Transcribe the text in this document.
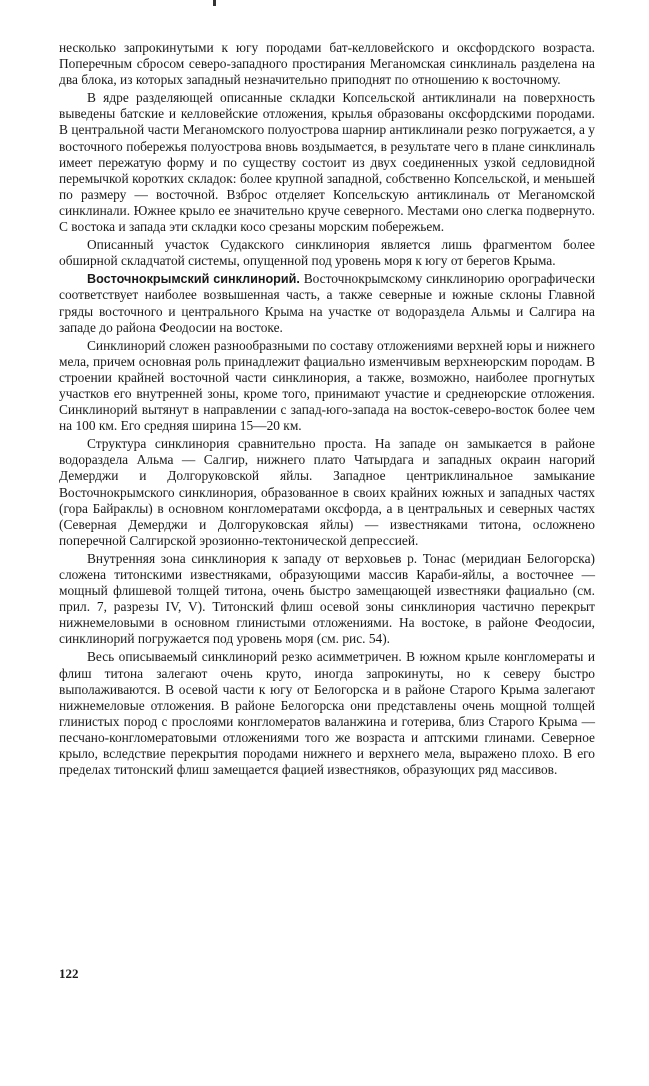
несколько запрокинутыми к югу породами бат-келловейского и оксфордского возраста. Поперечным сбросом северо-западного простирания Меганомская синклиналь разделена на два блока, из которых западный незначительно приподнят по отношению к восточному.

В ядре разделяющей описанные складки Копсельской антиклинали на поверхность выведены батские и келловейские отложения, крылья образованы оксфордскими породами. В центральной части Меганомского полуострова шарнир антиклинали резко погружается, а у восточного побережья полуострова вновь воздымается, в результате чего в плане синклиналь имеет пережатую форму и по существу состоит из двух соединенных узкой седловидной перемычкой коротких складок: более крупной западной, собственно Копсельской, и меньшей по размеру — восточной. Взброс отделяет Копсельскую антиклиналь от Меганомской синклинали. Южнее крыло ее значительно круче северного. Местами оно слегка подвернуто. С востока и запада эти складки косо срезаны морским побережьем.

Описанный участок Судакского синклинория является лишь фрагментом более обширной складчатой системы, опущенной под уровень моря к югу от берегов Крыма.

Восточнокрымский синклинорий. Восточнокрымскому синклинорию орографически соответствует наиболее возвышенная часть, а также северные и южные склоны Главной гряды восточного и центрального Крыма на участке от водораздела Альмы и Салгира на западе до района Феодосии на востоке.

Синклинорий сложен разнообразными по составу отложениями верхней юры и нижнего мела, причем основная роль принадлежит фациально изменчивым верхнеюрским породам. В строении крайней восточной части синклинория, а также, возможно, наиболее прогнутых участков его внутренней зоны, кроме того, принимают участие и среднеюрские отложения. Синклинорий вытянут в направлении с запад-юго-запада на восток-северо-восток более чем на 100 км. Его средняя ширина 15—20 км.

Структура синклинория сравнительно проста. На западе он замыкается в районе водораздела Альма — Салгир, нижнего плато Чатырдага и западных окраин нагорий Демерджи и Долгоруковской яйлы. Западное центриклинальное замыкание Восточнокрымского синклинория, образованное в своих крайних южных и западных частях (гора Байраклы) в основном конгломератами оксфорда, а в центральных и северных частях (Северная Демерджи и Долгоруковская яйлы) — известняками титона, осложнено поперечной Салгирской эрозионно-тектонической депрессией.

Внутренняя зона синклинория к западу от верховьев р. Тонас (меридиан Белогорска) сложена титонскими известняками, образующими массив Караби-яйлы, а восточнее — мощный флишевой толщей титона, очень быстро замещающей известняки фациально (см. прил. 7, разрезы IV, V). Титонский флиш осевой зоны синклинория частично перекрыт нижнемеловыми в основном глинистыми отложениями. На востоке, в районе Феодосии, синклинорий погружается под уровень моря (см. рис. 54).

Весь описываемый синклинорий резко асимметричен. В южном крыле конгломераты и флиш титона залегают очень круто, иногда запрокинуты, но к северу быстро выполаживаются. В осевой части к югу от Белогорска и в районе Старого Крыма залегают нижнемеловые отложения. В районе Белогорска они представлены очень мощной толщей глинистых пород с прослоями конгломератов валанжина и готерива, близ Старого Крыма — песчано-конгломератовыми отложениями того же возраста и аптскими глинами. Северное крыло, вследствие перекрытия породами нижнего и верхнего мела, выражено плохо. В его пределах титонский флиш замещается фацией известняков, образующих ряд массивов.

122
